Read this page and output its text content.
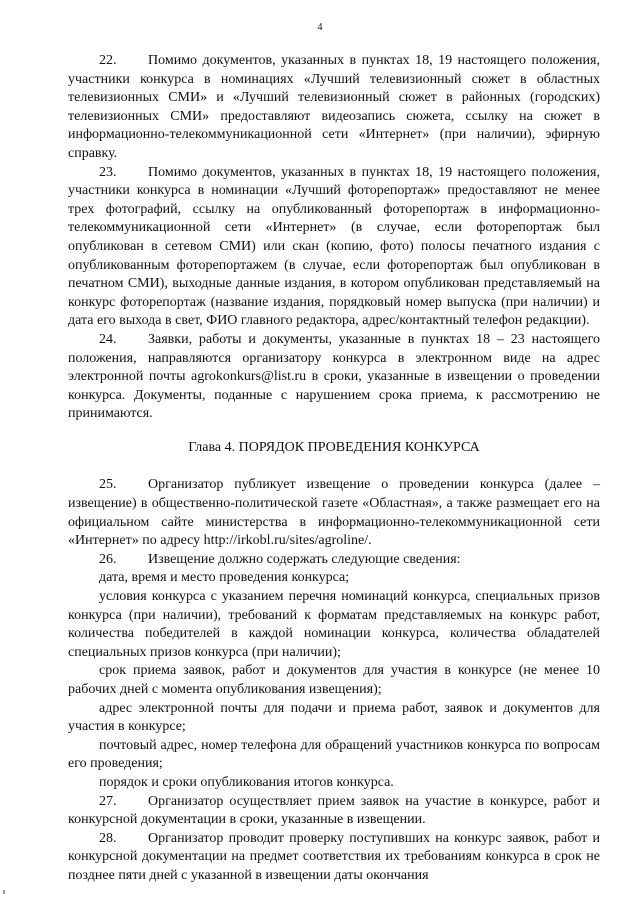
4

22. Помимо документов, указанных в пунктах 18, 19 настоящего положения, участники конкурса в номинациях «Лучший телевизионный сюжет в областных телевизионных СМИ» и «Лучший телевизионный сюжет в районных (городских) телевизионных СМИ» предоставляют видеозапись сюжета, ссылку на сюжет в информационно-телекоммуникационной сети «Интернет» (при наличии), эфирную справку.

23. Помимо документов, указанных в пунктах 18, 19 настоящего положения, участники конкурса в номинации «Лучший фоторепортаж» предоставляют не менее трех фотографий, ссылку на опубликованный фоторепортаж в информационно-телекоммуникационной сети «Интернет» (в случае, если фоторепортаж был опубликован в сетевом СМИ) или скан (копию, фото) полосы печатного издания с опубликованным фоторепортажем (в случае, если фоторепортаж был опубликован в печатном СМИ), выходные данные издания, в котором опубликован представляемый на конкурс фоторепортаж (название издания, порядковый номер выпуска (при наличии) и дата его выхода в свет, ФИО главного редактора, адрес/контактный телефон редакции).

24. Заявки, работы и документы, указанные в пунктах 18 – 23 настоящего положения, направляются организатору конкурса в электронном виде на адрес электронной почты agrokonkurs@list.ru в сроки, указанные в извещении о проведении конкурса. Документы, поданные с нарушением срока приема, к рассмотрению не принимаются.

Глава 4. ПОРЯДОК ПРОВЕДЕНИЯ КОНКУРСА

25. Организатор публикует извещение о проведении конкурса (далее – извещение) в общественно-политической газете «Областная», а также размещает его на официальном сайте министерства в информационно-телекоммуникационной сети «Интернет» по адресу http://irkobl.ru/sites/agroline/.

26. Извещение должно содержать следующие сведения:

дата, время и место проведения конкурса;

условия конкурса с указанием перечня номинаций конкурса, специальных призов конкурса (при наличии), требований к форматам представляемых на конкурс работ, количества победителей в каждой номинации конкурса, количества обладателей специальных призов конкурса (при наличии);

срок приема заявок, работ и документов для участия в конкурсе (не менее 10 рабочих дней с момента опубликования извещения);

адрес электронной почты для подачи и приема работ, заявок и документов для участия в конкурсе;

почтовый адрес, номер телефона для обращений участников конкурса по вопросам его проведения;

порядок и сроки опубликования итогов конкурса.

27. Организатор осуществляет прием заявок на участие в конкурсе, работ и конкурсной документации в сроки, указанные в извещении.

28. Организатор проводит проверку поступивших на конкурс заявок, работ и конкурсной документации на предмет соответствия их требованиям конкурса в срок не позднее пяти дней с указанной в извещении даты окончания
